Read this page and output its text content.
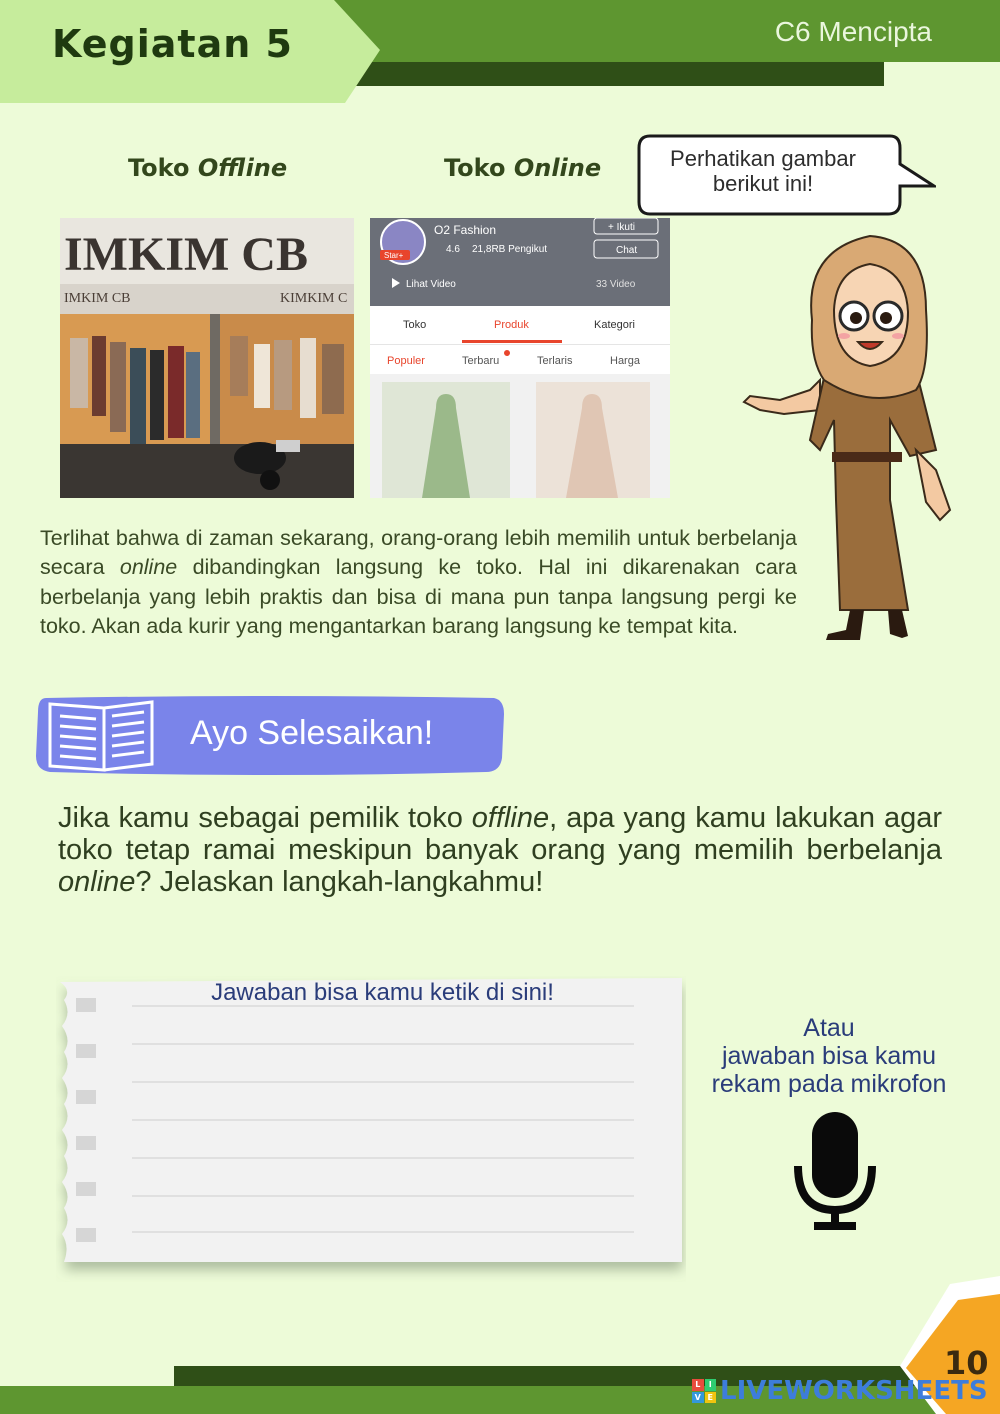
Kegiatan 5	C6 Mencipta
Toko Offline	Toko Online
IMKIM CB
IMKIM CB	KIMKIM C
Star+
O2 Fashion
4.6 21,8RB Pengikut
+ Ikuti
Chat
Lihat Video	33 Video
Toko	Produk	Kategori
Populer	Terbaru	Terlaris	Harga
Perhatikan gambar berikut ini!
Terlihat bahwa di zaman sekarang, orang-orang lebih memilih untuk berbelanja secara online dibandingkan langsung ke toko. Hal ini dikarenakan cara berbelanja yang lebih praktis dan bisa di mana pun tanpa langsung pergi ke toko. Akan ada kurir yang mengantarkan barang langsung ke tempat kita.
Ayo Selesaikan!
Jika kamu sebagai pemilik toko offline, apa yang kamu lakukan agar toko tetap ramai meskipun banyak orang yang memilih berbelanja online? Jelaskan langkah-langkahmu!
Jawaban bisa kamu ketik di sini!
Atau
jawaban bisa kamu
rekam pada mikrofon
10
L	I
V E LIVEWORKSHEETS
